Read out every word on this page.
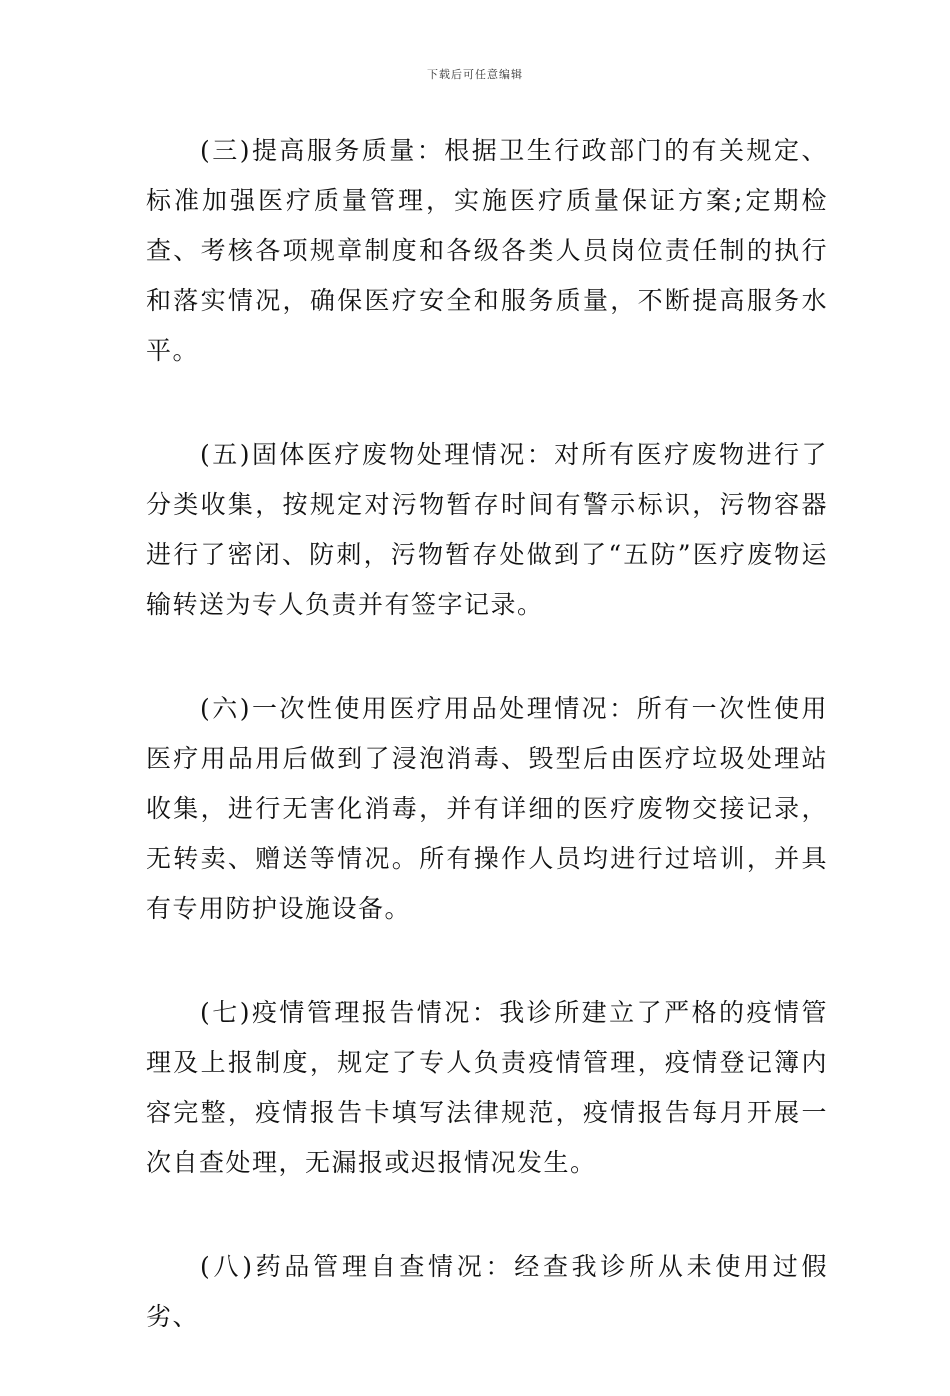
下载后可任意编辑

(三)提高服务质量：根据卫生行政部门的有关规定、标准加强医疗质量管理，实施医疗质量保证方案;定期检查、考核各项规章制度和各级各类人员岗位责任制的执行和落实情况，确保医疗安全和服务质量，不断提高服务水平。

(五)固体医疗废物处理情况：对所有医疗废物进行了分类收集，按规定对污物暂存时间有警示标识，污物容器进行了密闭、防刺，污物暂存处做到了“五防”医疗废物运输转送为专人负责并有签字记录。

(六)一次性使用医疗用品处理情况：所有一次性使用医疗用品用后做到了浸泡消毒、毁型后由医疗垃圾处理站收集，进行无害化消毒，并有详细的医疗废物交接记录，无转卖、赠送等情况。所有操作人员均进行过培训，并具有专用防护设施设备。

(七)疫情管理报告情况：我诊所建立了严格的疫情管理及上报制度，规定了专人负责疫情管理，疫情登记簿内容完整，疫情报告卡填写法律规范，疫情报告每月开展一次自查处理，无漏报或迟报情况发生。

(八)药品管理自查情况：经查我诊所从未使用过假劣、
